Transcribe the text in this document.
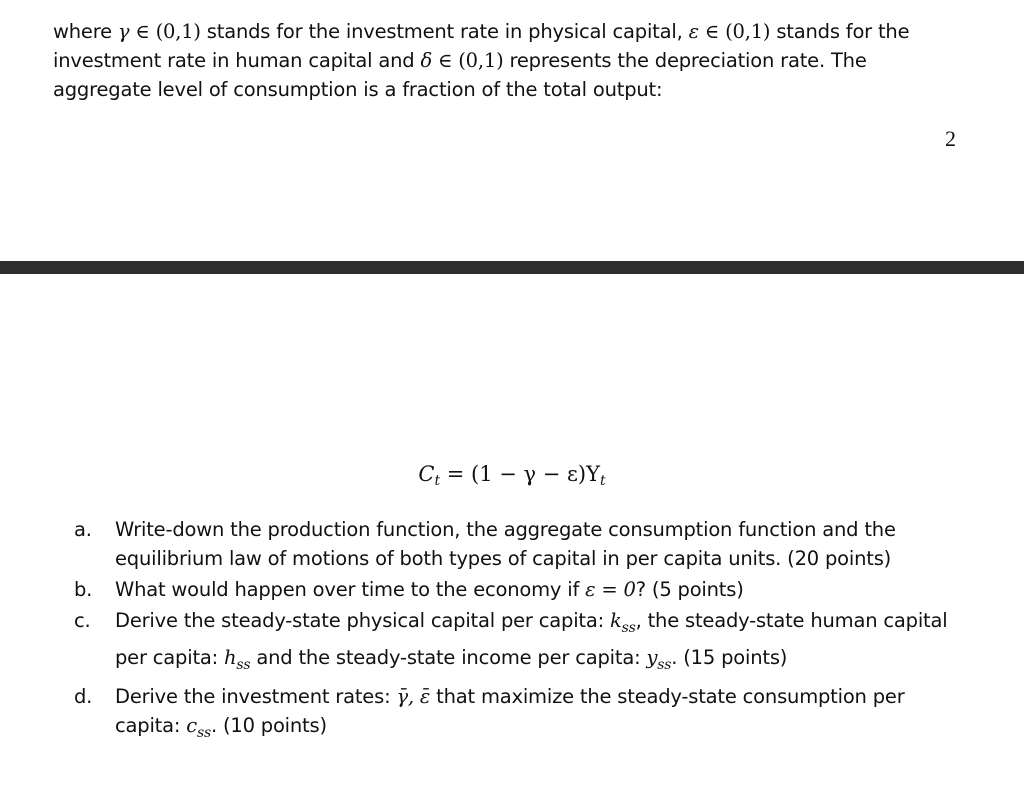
where γ ∈ (0,1) stands for the investment rate in physical capital, ε ∈ (0,1) stands for the
investment rate in human capital and δ ∈ (0,1) represents the depreciation rate. The
aggregate level of consumption is a fraction of the total output:
2
$C_t = (1 - \gamma - \varepsilon)Y_t$
a. Write-down the production function, the aggregate consumption function and the
equilibrium law of motions of both types of capital in per capita units. (20 points)
b. What would happen over time to the economy if ε = 0? (5 points)
c. Derive the steady-state physical capital per capita: $k_{ss}$, the steady-state human capital
per capita: $h_{ss}$ and the steady-state income per capita: $y_{ss}$. (15 points)
d. Derive the investment rates: γ̄, ε̄ that maximize the steady-state consumption per
capita: $c_{ss}$. (10 points)
